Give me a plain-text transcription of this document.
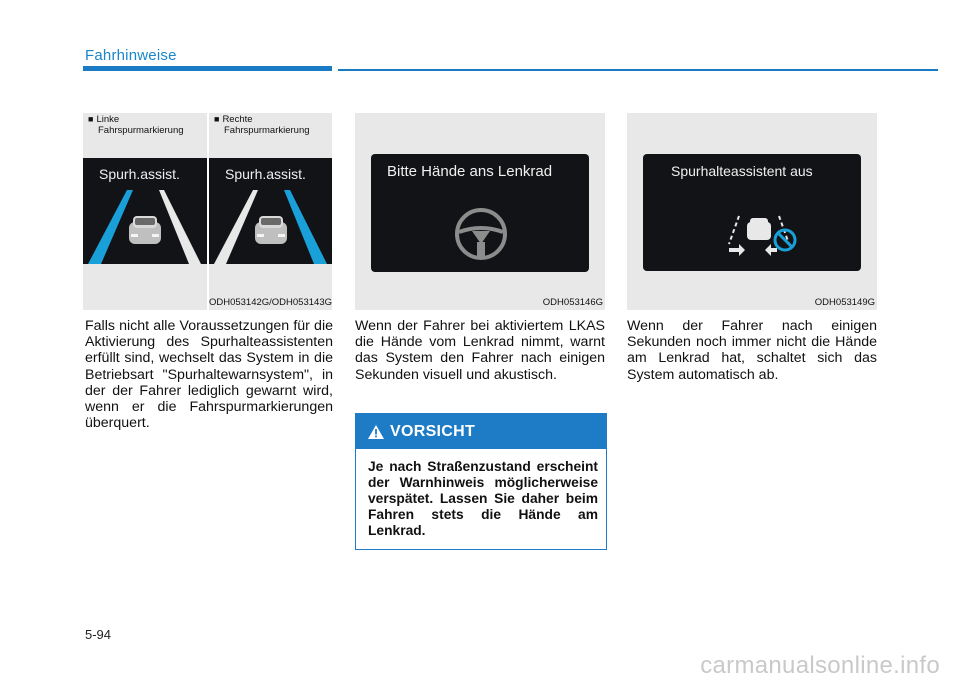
Fahrhinweise
■ Linke
Fahrspurmarkierung
■ Rechte
Fahrspurmarkierung
Spurh.assist.	Spurh.assist.
ODH053142G/ODH053143G
Bitte Hände ans Lenkrad
ODH053146G
Spurhalteassistent aus
ODH053149G
Falls nicht alle Voraussetzungen für die Aktivierung des Spurhalteassistenten erfüllt sind, wechselt das System in die Betriebsart "Spurhaltewarnsystem", in der der Fahrer lediglich gewarnt wird, wenn er die Fahrspurmarkierungen überquert.
Wenn der Fahrer bei aktiviertem LKAS die Hände vom Lenkrad nimmt, warnt das System den Fahrer nach einigen Sekunden visuell und akustisch.
Wenn der Fahrer nach einigen Sekunden noch immer nicht die Hände am Lenkrad hat, schaltet sich das System automatisch ab.
VORSICHT
Je nach Straßenzustand erscheint der Warnhinweis möglicherweise verspätet. Lassen Sie daher beim Fahren stets die Hände am Lenkrad.
5-94
carmanualsonline.info
